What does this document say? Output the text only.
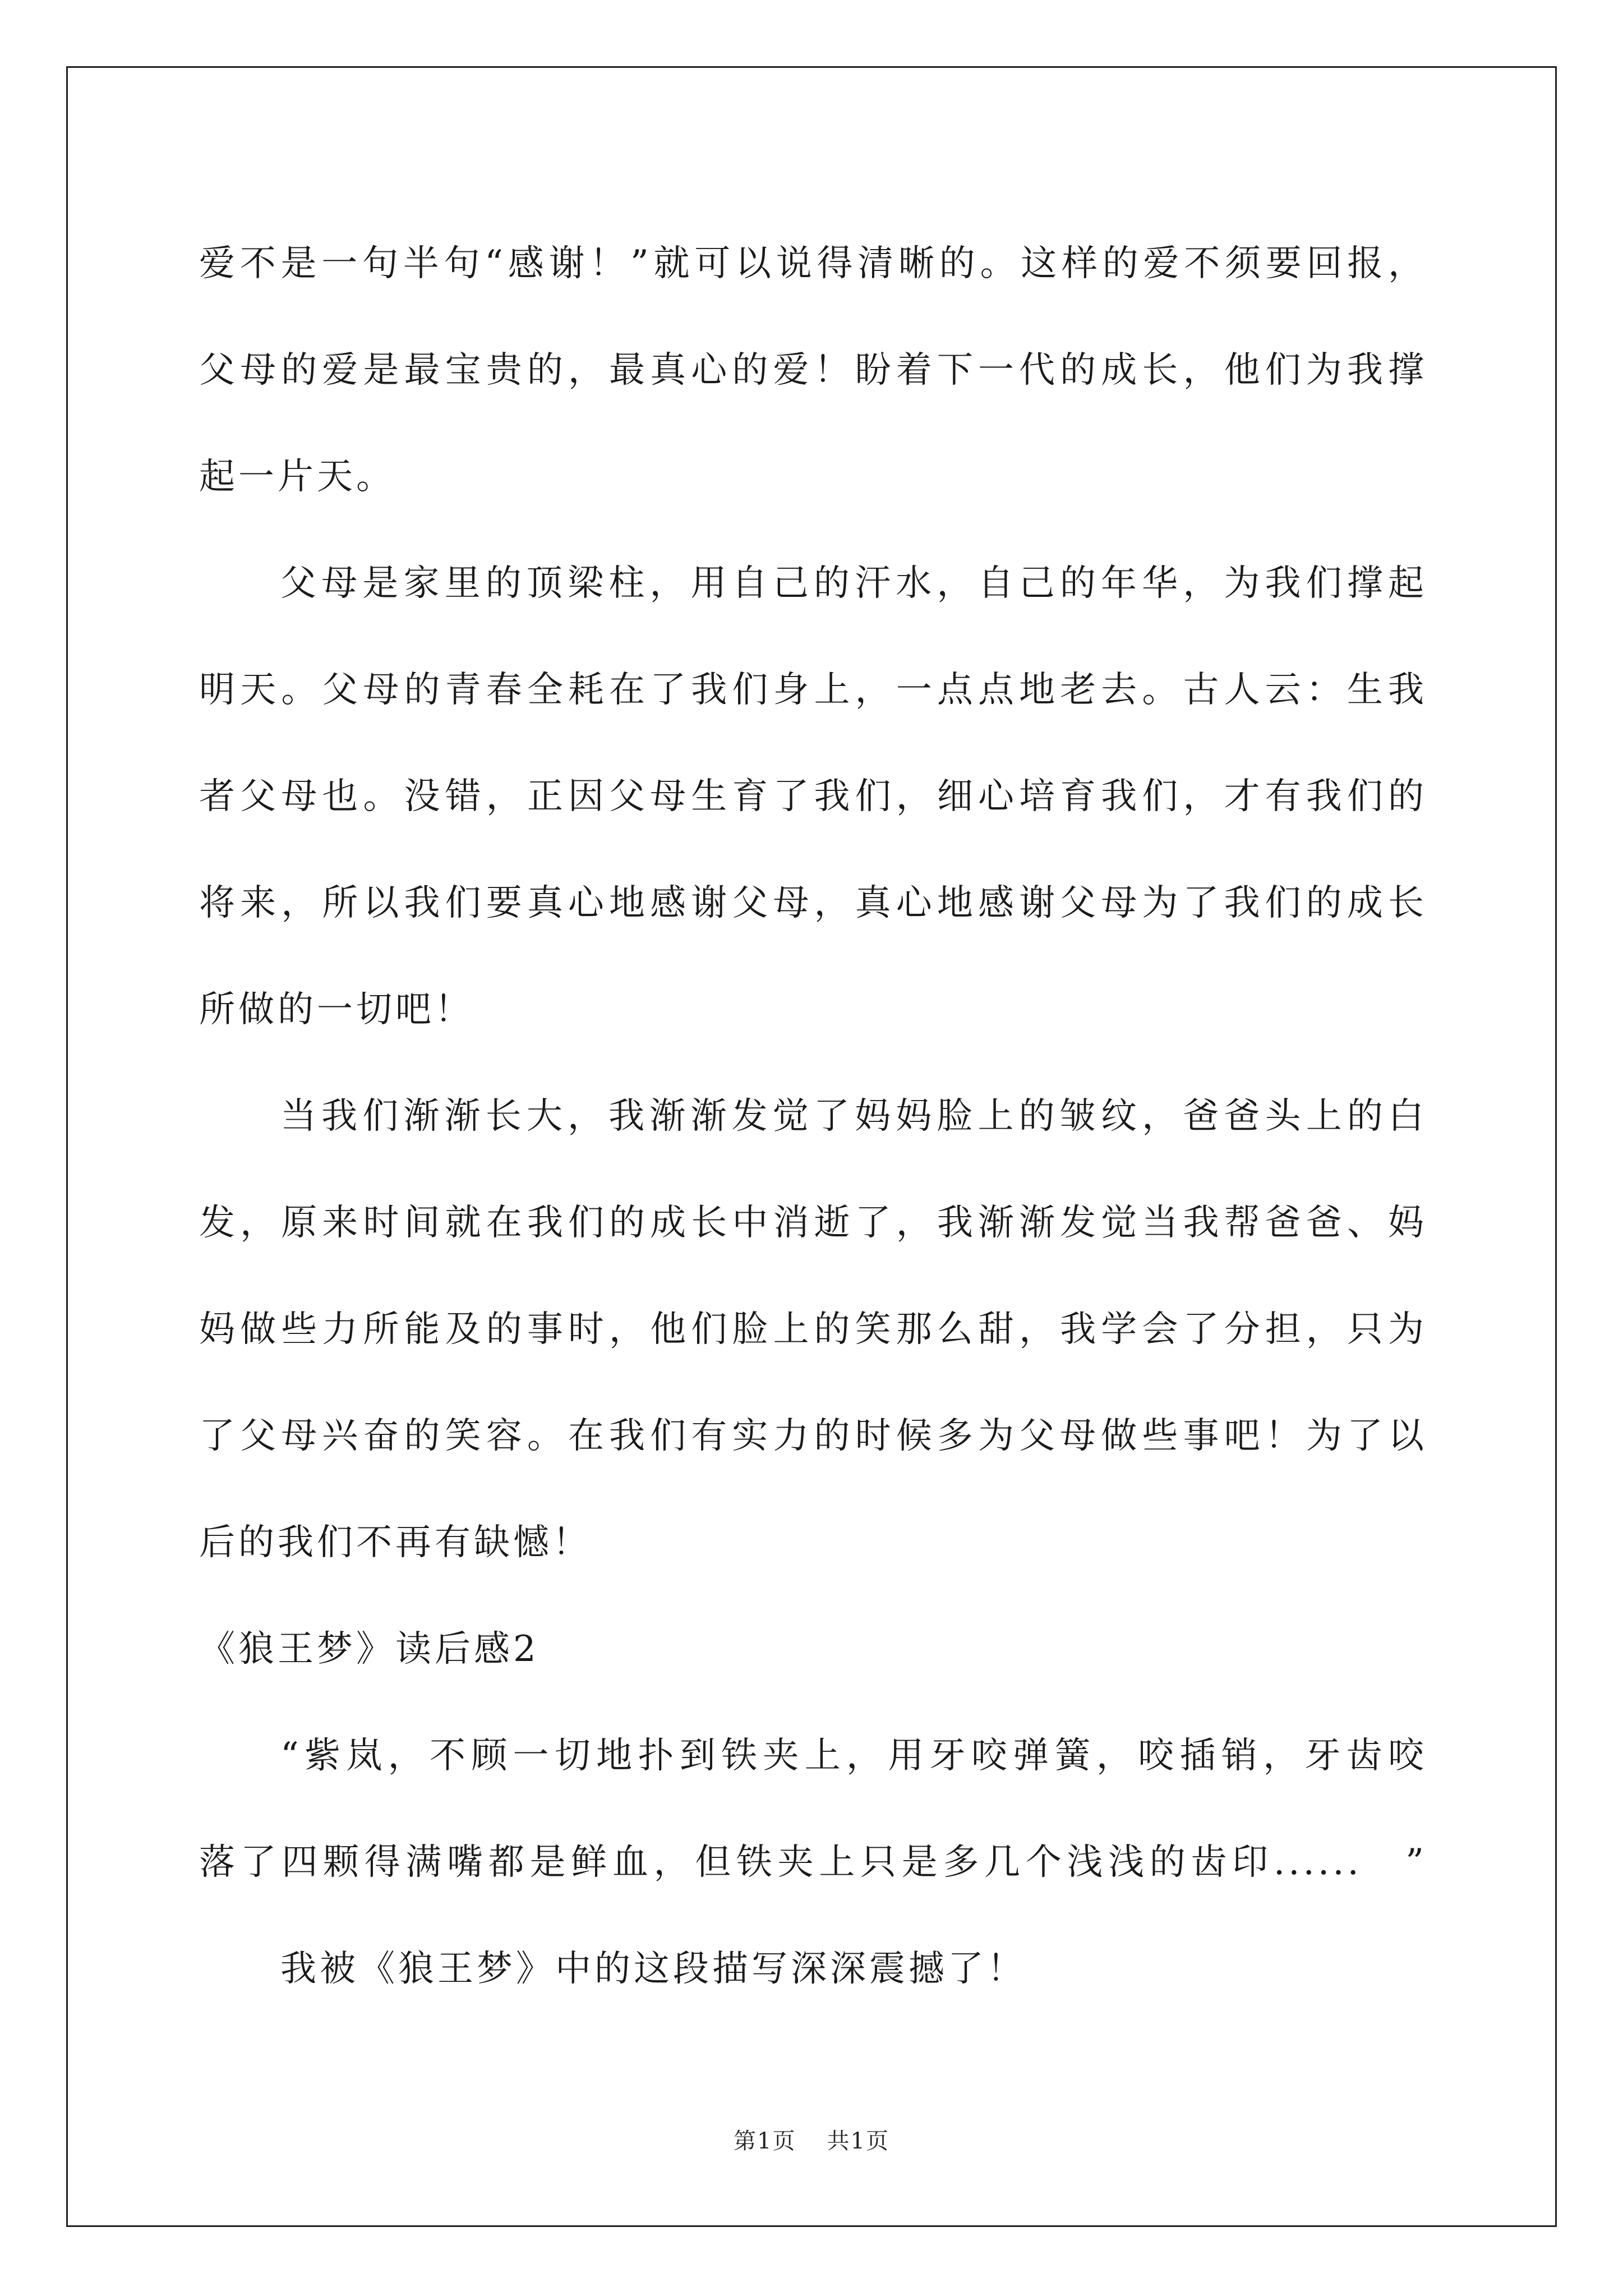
爱不是一句半句“感谢！”就可以说得清晰的。这样的爱不须要回报，
父母的爱是最宝贵的，最真心的爱！盼着下一代的成长，他们为我撑
起一片天。
父母是家里的顶梁柱，用自己的汗水，自己的年华，为我们撑起
明天。父母的青春全耗在了我们身上，一点点地老去。古人云：生我
者父母也。没错，正因父母生育了我们，细心培育我们，才有我们的
将来，所以我们要真心地感谢父母，真心地感谢父母为了我们的成长
所做的一切吧！
当我们渐渐长大，我渐渐发觉了妈妈脸上的皱纹，爸爸头上的白
发，原来时间就在我们的成长中消逝了，我渐渐发觉当我帮爸爸、妈
妈做些力所能及的事时，他们脸上的笑那么甜，我学会了分担，只为
了父母兴奋的笑容。在我们有实力的时候多为父母做些事吧！为了以
后的我们不再有缺憾！
《狼王梦》读后感2
“紫岚，不顾一切地扑到铁夹上，用牙咬弹簧，咬插销，牙齿咬
落了四颗得满嘴都是鲜血，但铁夹上只是多几个浅浅的齿印......　”
我被《狼王梦》中的这段描写深深震撼了！
第1页 共1页
